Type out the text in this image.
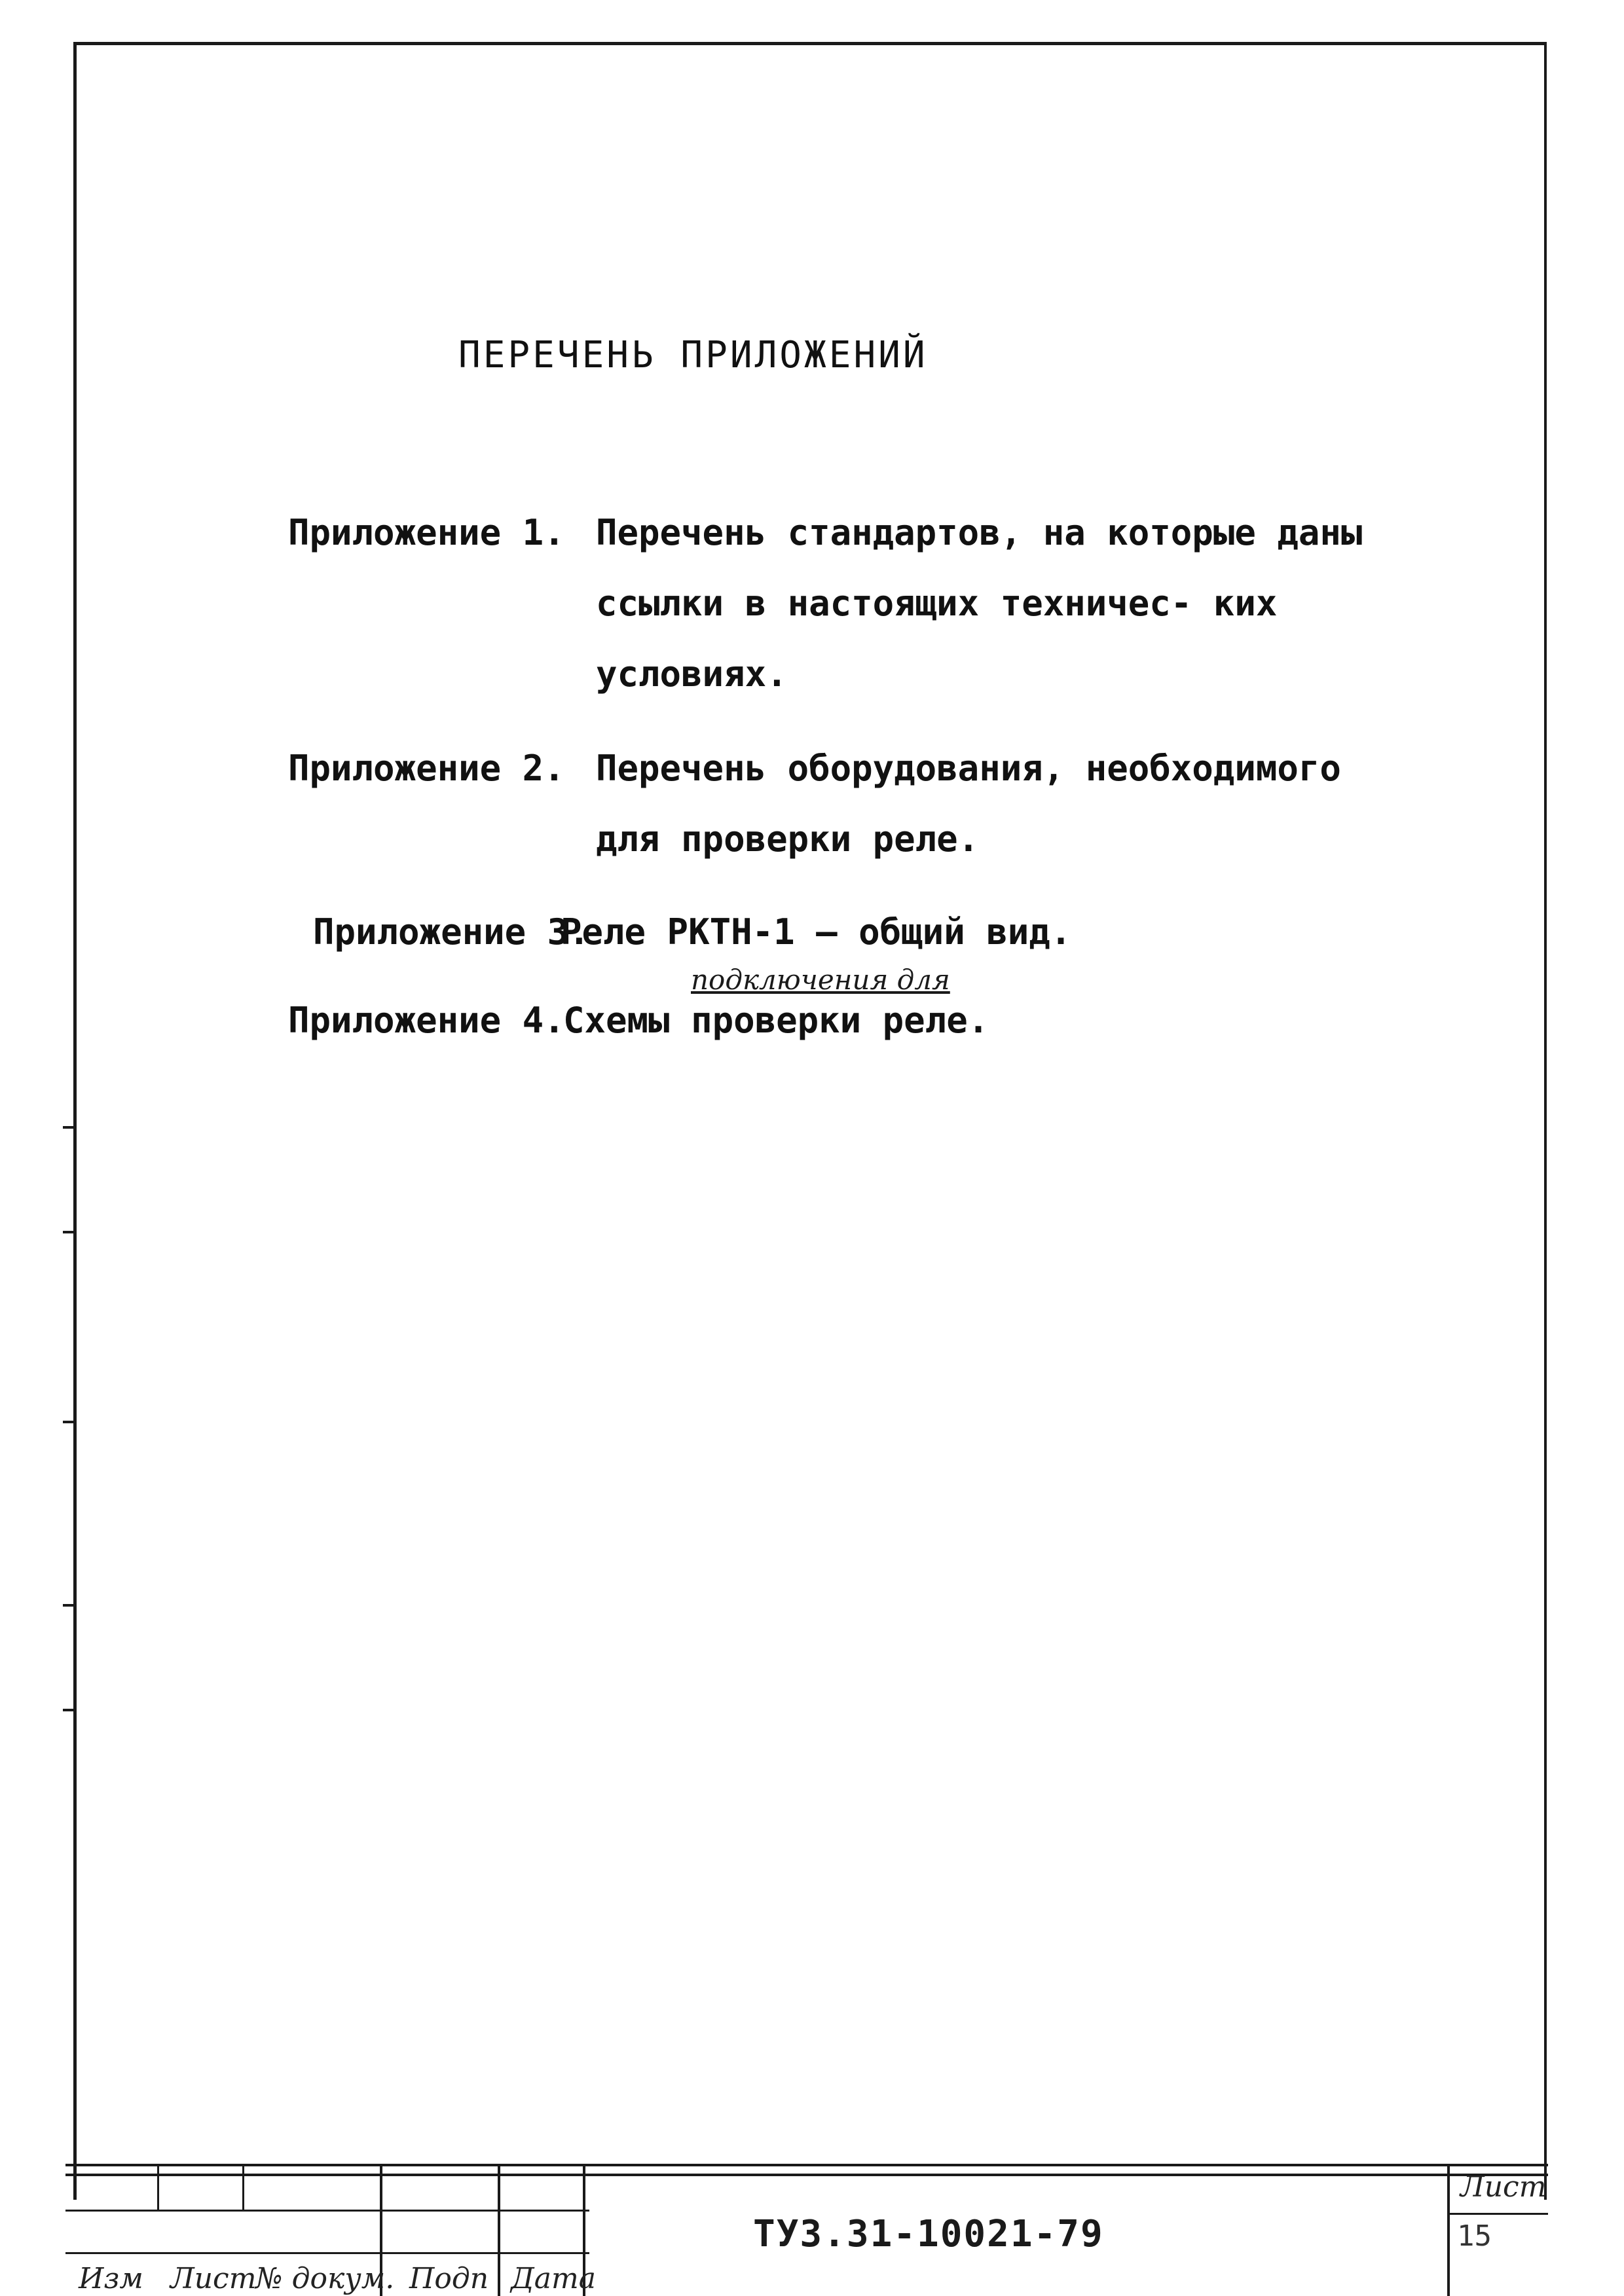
ПЕРЕЧЕНЬ ПРИЛОЖЕНИЙ
Приложение 1. Перечень стандартов, на которые даны ссылки в настоящих техничес- ких условиях.
Приложение 2. Перечень оборудования, необходимого для проверки реле.
Приложение 3.
Реле РКТН-1 – общий вид.
подключения для
Приложение 4.
Схемы проверки реле.
Изм Лист
№ докум. Подп Дата
Лист
ТУ3.31-10021-79	15
